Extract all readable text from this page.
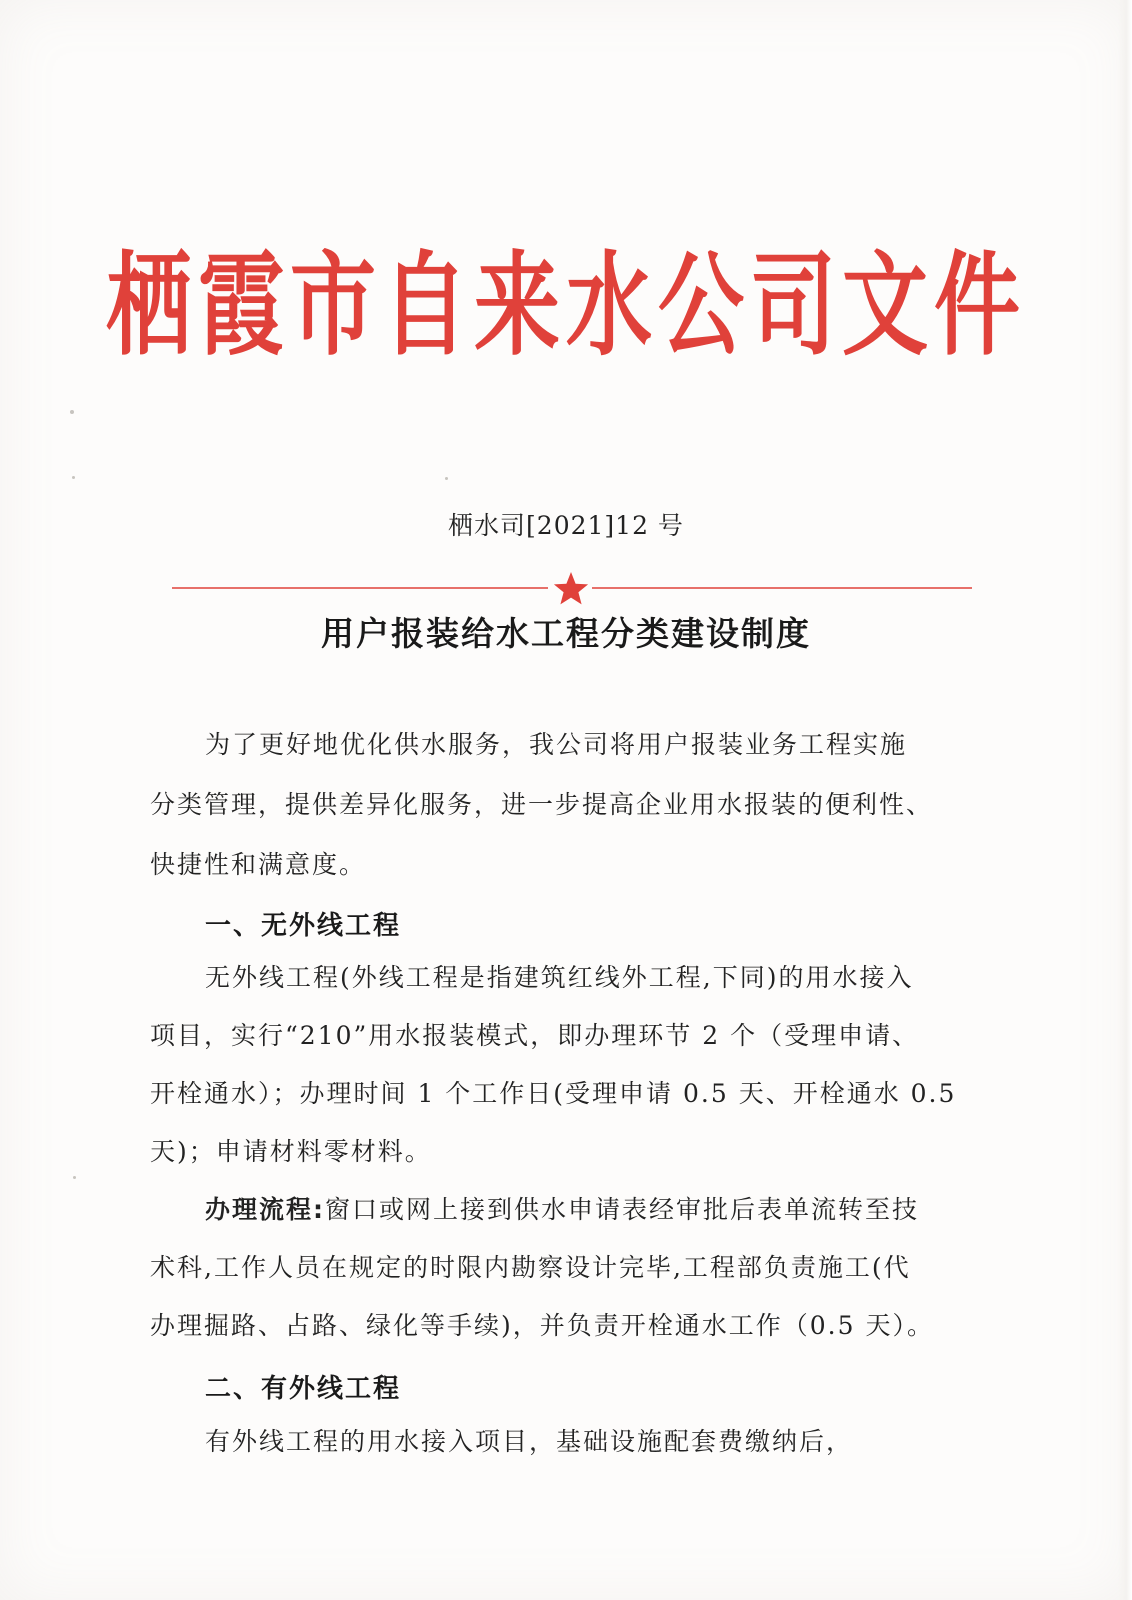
栖霞市自来水公司文件
栖水司[2021]12 号
用户报装给水工程分类建设制度
为了更好地优化供水服务，我公司将用户报装业务工程实施
分类管理，提供差异化服务，进一步提高企业用水报装的便利性、
快捷性和满意度。
一、无外线工程
无外线工程(外线工程是指建筑红线外工程,下同)的用水接入
项目，实行“210”用水报装模式，即办理环节 2 个（受理申请、
开栓通水）；办理时间 1 个工作日(受理申请 0.5 天、开栓通水 0.5
天)；申请材料零材料。
办理流程:窗口或网上接到供水申请表经审批后表单流转至技
术科,工作人员在规定的时限内勘察设计完毕,工程部负责施工(代
办理掘路、占路、绿化等手续)，并负责开栓通水工作（0.5 天）。
二、有外线工程
有外线工程的用水接入项目，基础设施配套费缴纳后，
